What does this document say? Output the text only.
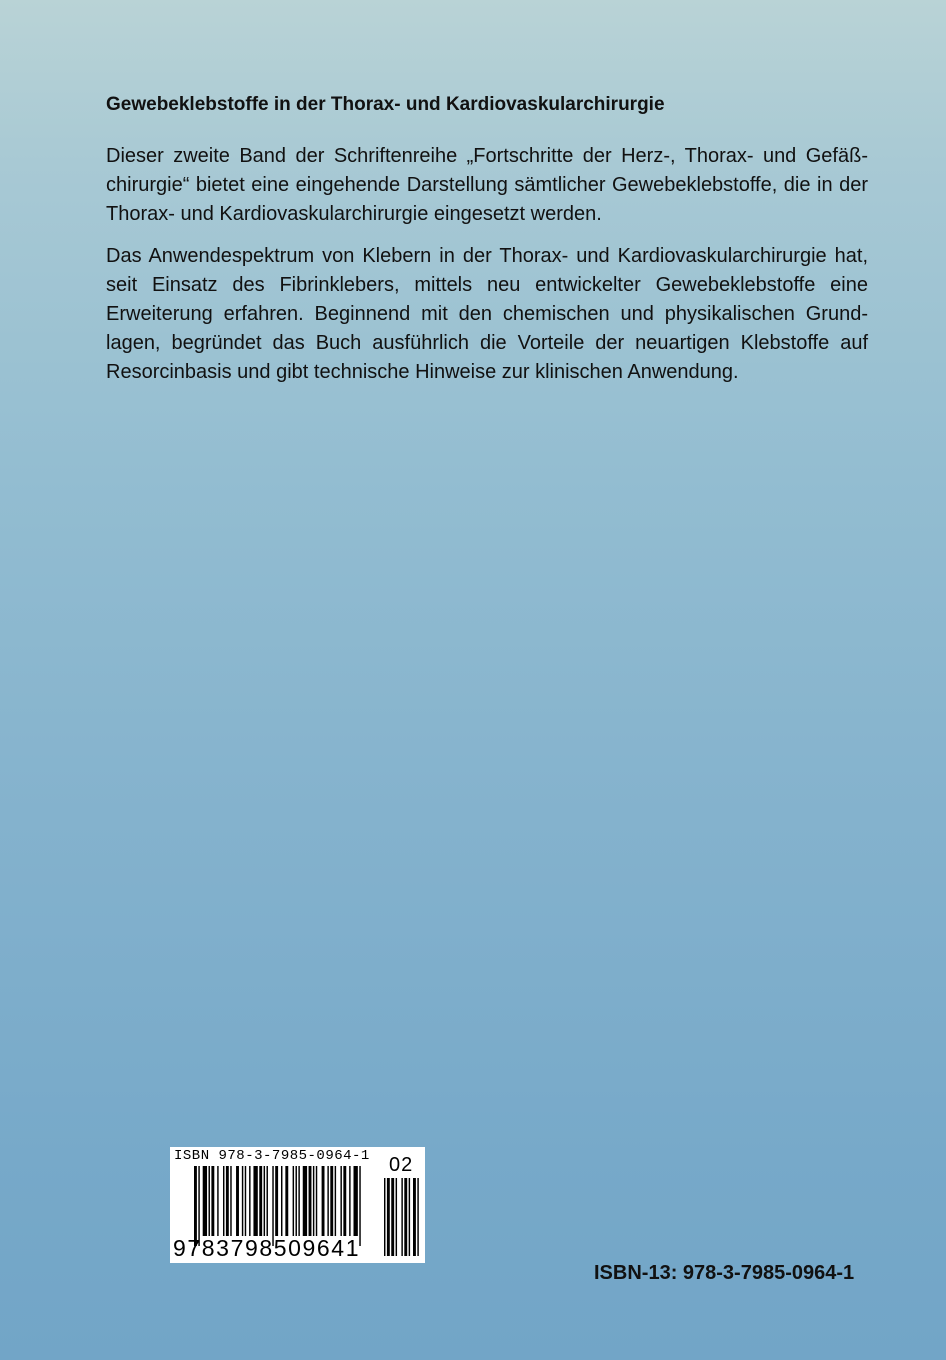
Gewebeklebstoffe in der Thorax- und Kardiovaskularchirurgie

Dieser zweite Band der Schriftenreihe „Fortschritte der Herz-, Thorax- und Gefäßchirurgie“ bietet eine eingehende Darstellung sämtlicher Gewebeklebstoffe, die in der Thorax- und Kardiovaskularchirurgie eingesetzt werden.

Das Anwendespektrum von Klebern in der Thorax- und Kardiovaskularchirurgie hat, seit Einsatz des Fibrinklebers, mittels neu entwickelter Gewebeklebstoffe eine Erweiterung erfahren. Beginnend mit den chemischen und physikalischen Grundlagen, begründet das Buch ausführlich die Vorteile der neuartigen Klebstoffe auf Resorcinbasis und gibt technische Hinweise zur klinischen Anwendung.

ISBN 978-3-7985-0964-1 02
9783798509641

ISBN-13: 978-3-7985-0964-1
